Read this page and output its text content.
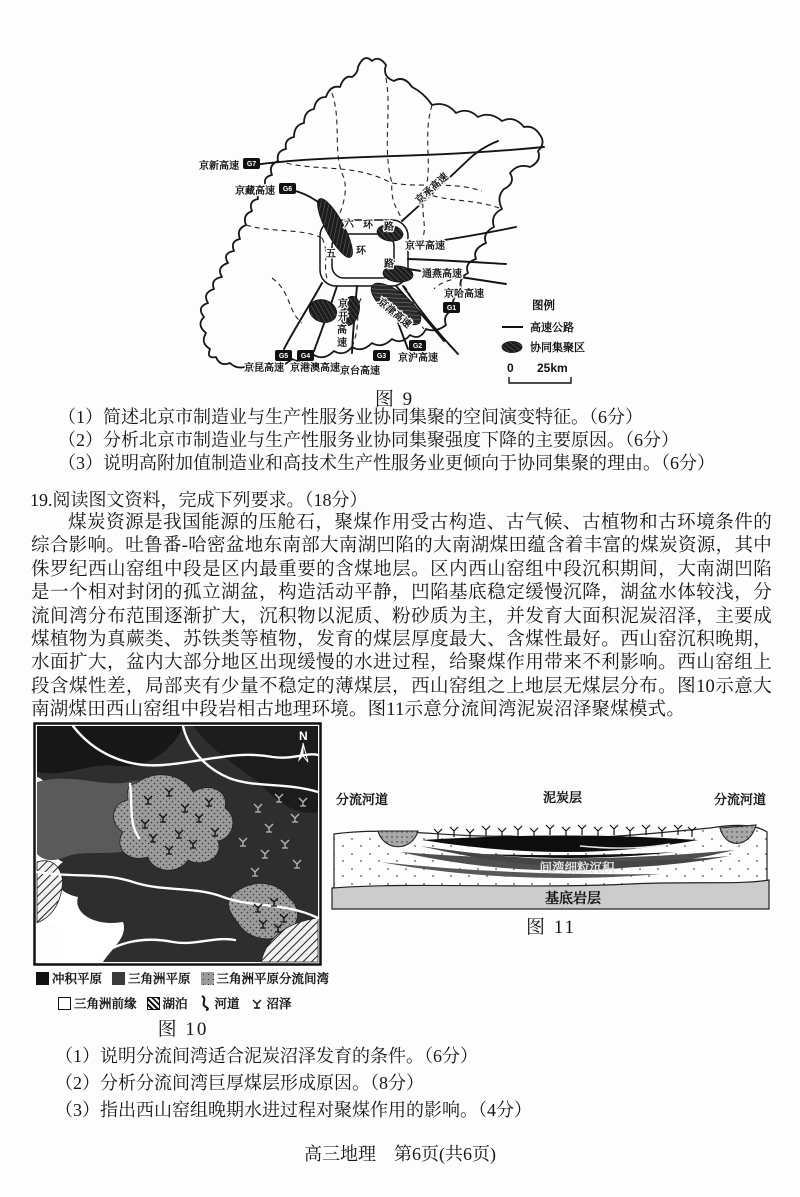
京新高速
京藏高速	京承高速
京平高速
通燕高速
京哈高速
京沪高速
京台高速
京港澳高速
京昆高速
京津高速
京
开
高
速
六 环 路
五 环
路
G7
G6
G1
G2
G3
G4
G5
图例
高速公路
协同集聚区
0 25km
图 9
（1）简述北京市制造业与生产性服务业协同集聚的空间演变特征。（6分）
（2）分析北京市制造业与生产性服务业协同集聚强度下降的主要原因。（6分）
（3）说明高附加值制造业和高技术生产性服务业更倾向于协同集聚的理由。（6分）
19.阅读图文资料，完成下列要求。（18分）
煤炭资源是我国能源的压舱石，聚煤作用受古构造、古气候、古植物和古环境条件的综合影响。吐鲁番-哈密盆地东南部大南湖凹陷的大南湖煤田蕴含着丰富的煤炭资源，其中侏罗纪西山窑组中段是区内最重要的含煤地层。区内西山窑组中段沉积期间，大南湖凹陷是一个相对封闭的孤立湖盆，构造活动平静，凹陷基底稳定缓慢沉降，湖盆水体较浅，分流间湾分布范围逐渐扩大，沉积物以泥质、粉砂质为主，并发育大面积泥炭沼泽，主要成煤植物为真蕨类、苏铁类等植物，发育的煤层厚度最大、含煤性最好。西山窑沉积晚期，水面扩大，盆内大部分地区出现缓慢的水进过程，给聚煤作用带来不利影响。西山窑组上段含煤性差，局部夹有少量不稳定的薄煤层，西山窑组之上地层无煤层分布。图10示意大南湖煤田西山窑组中段岩相古地理环境。图11示意分流间湾泥炭沼泽聚煤模式。
N
冲积平原 三角洲平原 三角洲平原分流间湾
三角洲前缘 湖泊 河道 沼泽
图 10
分流河道	泥炭层	分流河道
间湾细粒沉积
基底岩层
图 11
（1）说明分流间湾适合泥炭沼泽发育的条件。（6分）
（2）分析分流间湾巨厚煤层形成原因。（8分）
（3）指出西山窑组晚期水进过程对聚煤作用的影响。（4分）
高三地理　第6页(共6页)
